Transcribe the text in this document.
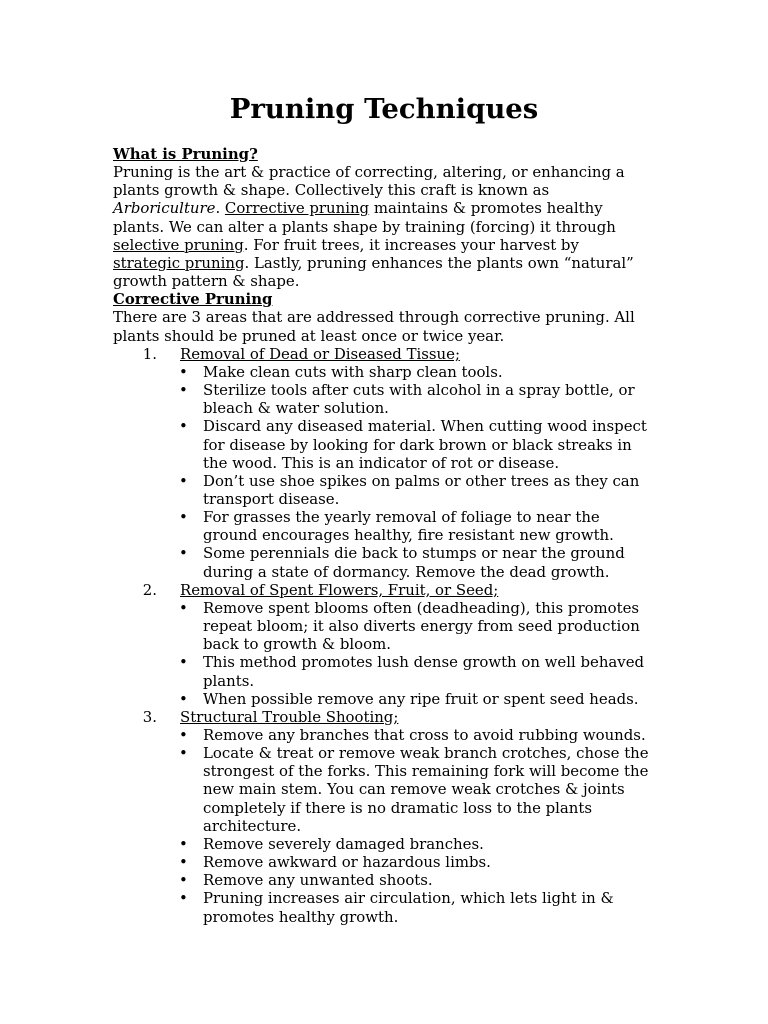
Pruning Techniques
What is Pruning?
Pruning is the art & practice of correcting, altering, or enhancing a
plants growth & shape. Collectively this craft is known as
Arboriculture. Corrective pruning maintains & promotes healthy
plants. We can alter a plants shape by training (forcing) it through
selective pruning. For fruit trees, it increases your harvest by
strategic pruning. Lastly, pruning enhances the plants own “natural”
growth pattern & shape.
Corrective Pruning
There are 3 areas that are addressed through corrective pruning. All
plants should be pruned at least once or twice year.
1. Removal of Dead or Diseased Tissue;
• Make clean cuts with sharp clean tools.
• Sterilize tools after cuts with alcohol in a spray bottle, or
bleach & water solution.
• Discard any diseased material. When cutting wood inspect
for disease by looking for dark brown or black streaks in
the wood. This is an indicator of rot or disease.
• Don’t use shoe spikes on palms or other trees as they can
transport disease.
• For grasses the yearly removal of foliage to near the
ground encourages healthy, fire resistant new growth.
• Some perennials die back to stumps or near the ground
during a state of dormancy. Remove the dead growth.
2. Removal of Spent Flowers, Fruit, or Seed;
• Remove spent blooms often (deadheading), this promotes
repeat bloom; it also diverts energy from seed production
back to growth & bloom.
• This method promotes lush dense growth on well behaved
plants.
• When possible remove any ripe fruit or spent seed heads.
3. Structural Trouble Shooting;
• Remove any branches that cross to avoid rubbing wounds.
• Locate & treat or remove weak branch crotches, chose the
strongest of the forks. This remaining fork will become the
new main stem. You can remove weak crotches & joints
completely if there is no dramatic loss to the plants
architecture.
• Remove severely damaged branches.
• Remove awkward or hazardous limbs.
• Remove any unwanted shoots.
• Pruning increases air circulation, which lets light in &
promotes healthy growth.
